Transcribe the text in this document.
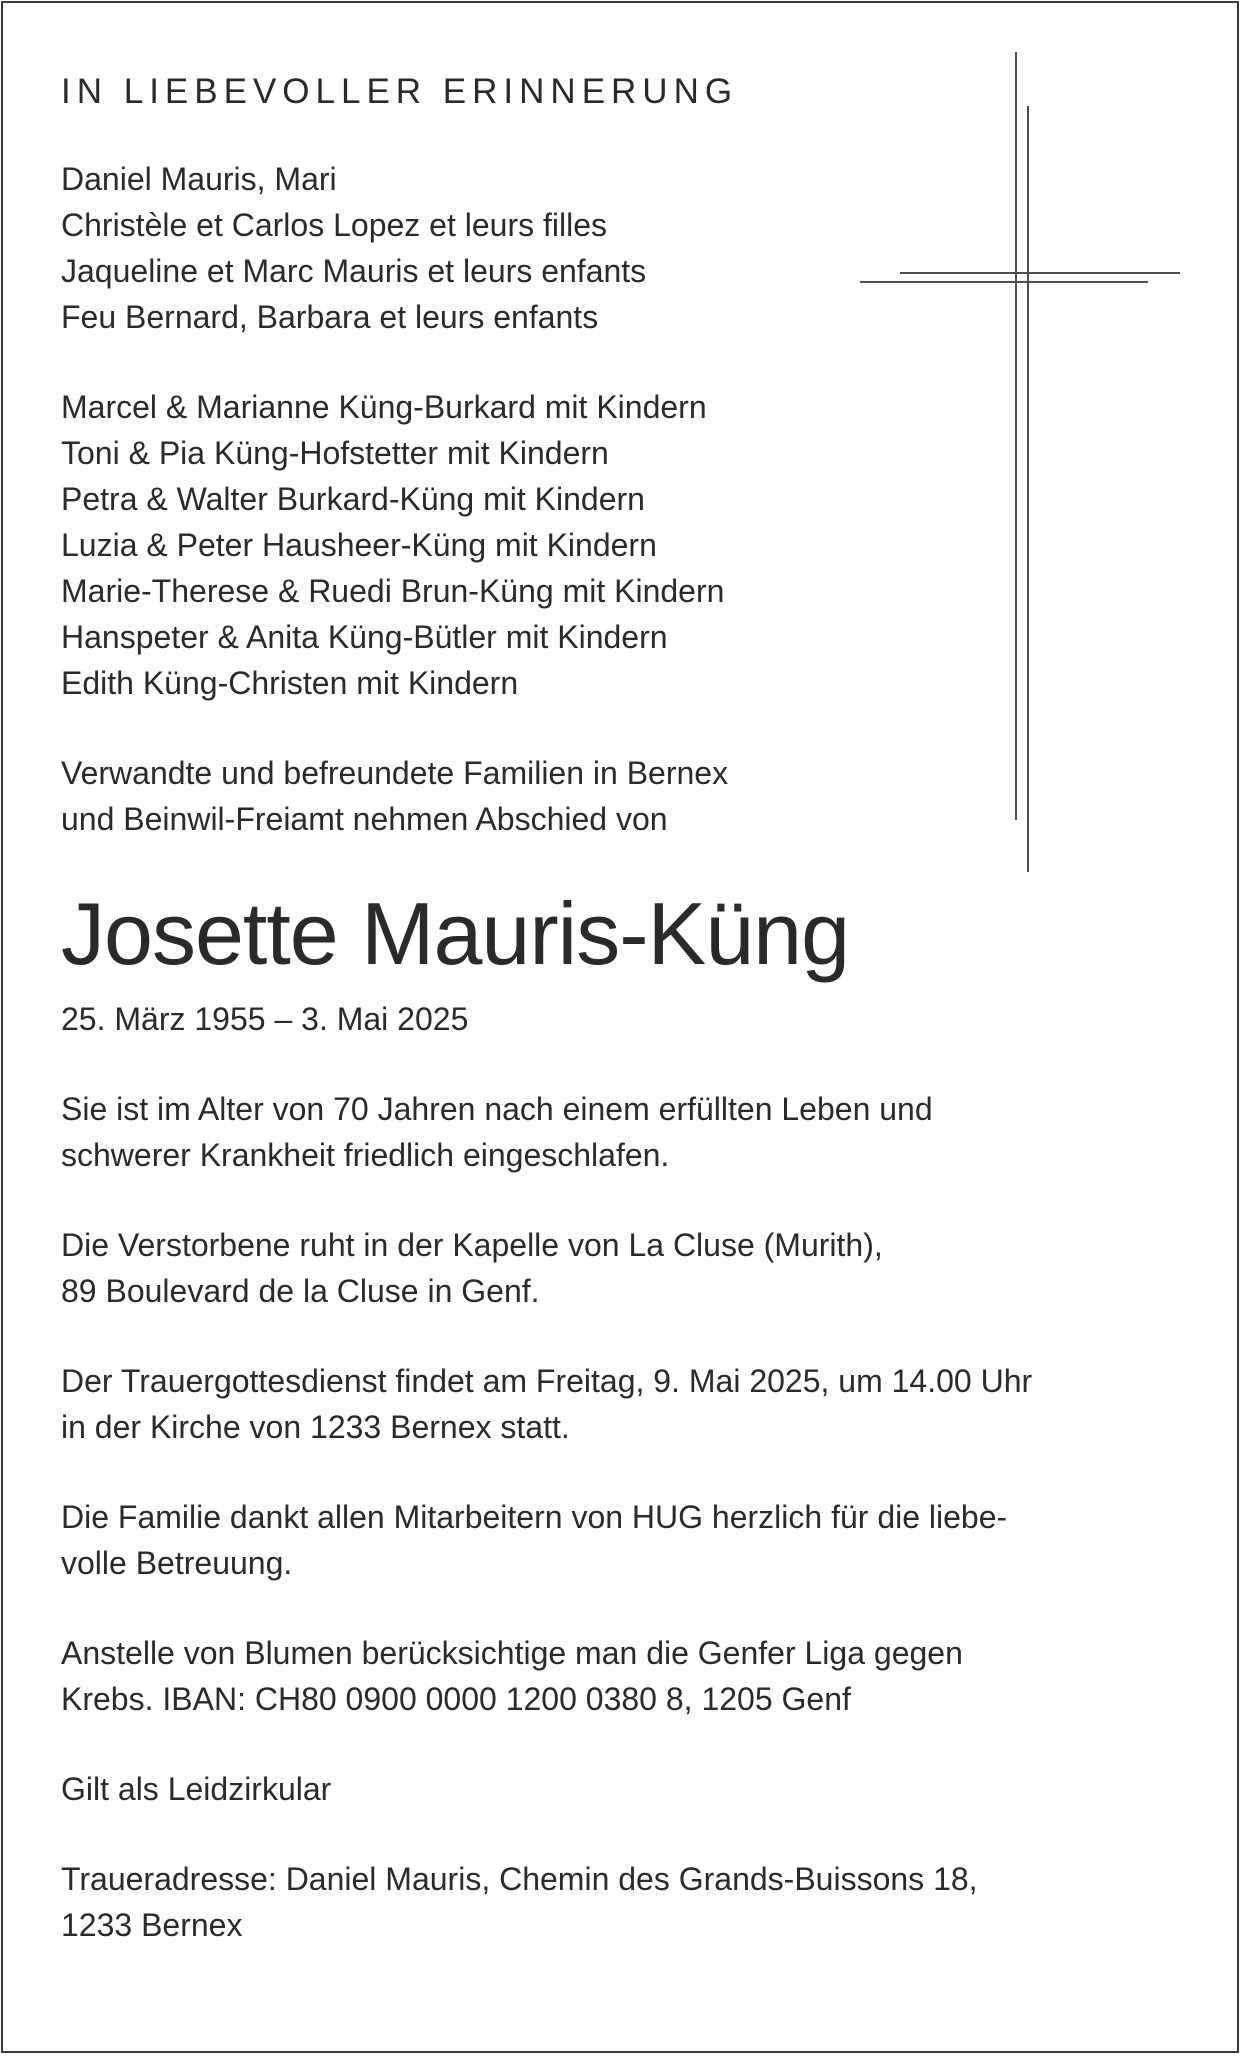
IN LIEBEVOLLER ERINNERUNG

Daniel Mauris, Mari
Christèle et Carlos Lopez et leurs filles
Jaqueline et Marc Mauris et leurs enfants
Feu Bernard, Barbara et leurs enfants

Marcel & Marianne Küng-Burkard mit Kindern
Toni & Pia Küng-Hofstetter mit Kindern
Petra & Walter Burkard-Küng mit Kindern
Luzia & Peter Hausheer-Küng mit Kindern
Marie-Therese & Ruedi Brun-Küng mit Kindern
Hanspeter & Anita Küng-Bütler mit Kindern
Edith Küng-Christen mit Kindern

Verwandte und befreundete Familien in Bernex
und Beinwil-Freiamt nehmen Abschied von

Josette Mauris-Küng

25. März 1955 – 3. Mai 2025

Sie ist im Alter von 70 Jahren nach einem erfüllten Leben und
schwerer Krankheit friedlich eingeschlafen.

Die Verstorbene ruht in der Kapelle von La Cluse (Murith),
89 Boulevard de la Cluse in Genf.

Der Trauergottesdienst findet am Freitag, 9. Mai 2025, um 14.00 Uhr
in der Kirche von 1233 Bernex statt.

Die Familie dankt allen Mitarbeitern von HUG herzlich für die liebe-
volle Betreuung.

Anstelle von Blumen berücksichtige man die Genfer Liga gegen
Krebs. IBAN: CH80 0900 0000 1200 0380 8, 1205 Genf

Gilt als Leidzirkular

Traueradresse: Daniel Mauris, Chemin des Grands-Buissons 18,
1233 Bernex
